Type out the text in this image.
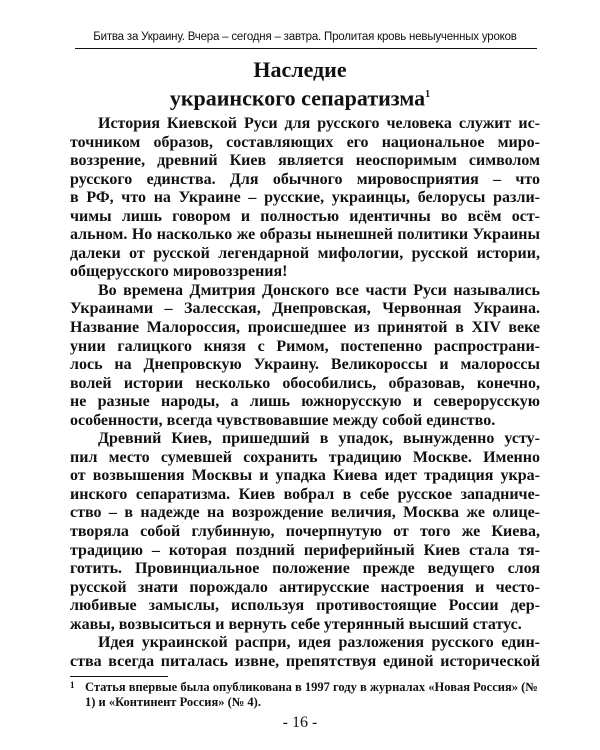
Битва за Украину. Вчера – сегодня – завтра. Пролитая кровь невыученных уроков
Наследие
украинского сепаратизма$^1$
История Киевской Руси для русского человека служит ис-
точником образов, составляющих его национальное миро-
воззрение, древний Киев является неоспоримым символом
русского единства. Для обычного мировосприятия – что
в РФ, что на Украине – русские, украинцы, белорусы разли-
чимы лишь говором и полностью идентичны во всём ост-
альном. Но насколько же образы нынешней политики Украины
далеки от русской легендарной мифологии, русской истории,
общерусского мировоззрения!
Во времена Дмитрия Донского все части Руси назывались
Украинами – Залесская, Днепровская, Червонная Украина.
Название Малороссия, происшедшее из принятой в XIV веке
унии галицкого князя с Римом, постепенно распространи-
лось на Днепровскую Украину. Великороссы и малороссы
волей истории несколько обособились, образовав, конечно,
не разные народы, а лишь южнорусскую и северорусскую
особенности, всегда чувствовавшие между собой единство.
Древний Киев, пришедший в упадок, вынужденно усту-
пил место сумевшей сохранить традицию Москве. Именно
от возвышения Москвы и упадка Киева идет традиция укра-
инского сепаратизма. Киев вобрал в себе русское западниче-
ство – в надежде на возрождение величия, Москва же олице-
творяла собой глубинную, почерпнутую от того же Киева,
традицию – которая поздний периферийный Киев стала тя-
готить. Провинциальное положение прежде ведущего слоя
русской знати порождало антирусские настроения и често-
любивые замыслы, используя противостоящие России дер-
жавы, возвыситься и вернуть себе утерянный высший статус.
Идея украинской распри, идея разложения русского един-
ства всегда питалась извне, препятствуя единой исторической
1 Статья впервые была опубликована в 1997 году в журналах «Новая Россия» (№ 1) и «Континент Россия» (№ 4).
- 16 -
